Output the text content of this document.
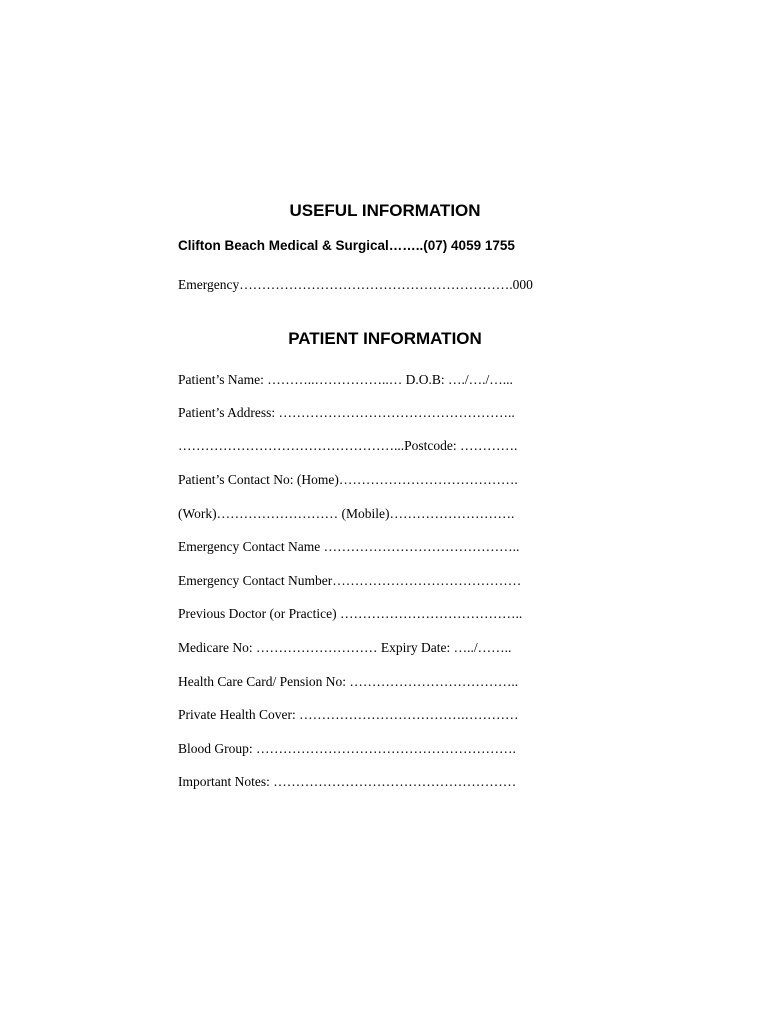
USEFUL INFORMATION
Clifton Beach Medical & Surgical……..(07) 4059 1755
Emergency…………………………………………………….000
PATIENT INFORMATION
Patient’s Name: ………..……………..… D.O.B: …./…./…...
Patient’s Address: ……………………………………………..
…………………………………………...Postcode: ………….
Patient’s Contact No: (Home)………………………………….
(Work)……………………… (Mobile)……………………….
Emergency Contact Name ……………………………………..
Emergency Contact Number……………………………………
Previous Doctor (or Practice) …………………………………..
Medicare No: ……………………… Expiry Date: …../……..
Health Care Card/ Pension No: ………………………………..
Private Health Cover: ……………………………….…………
Blood Group: ………………………………………………….
Important Notes: ………………………………………………
